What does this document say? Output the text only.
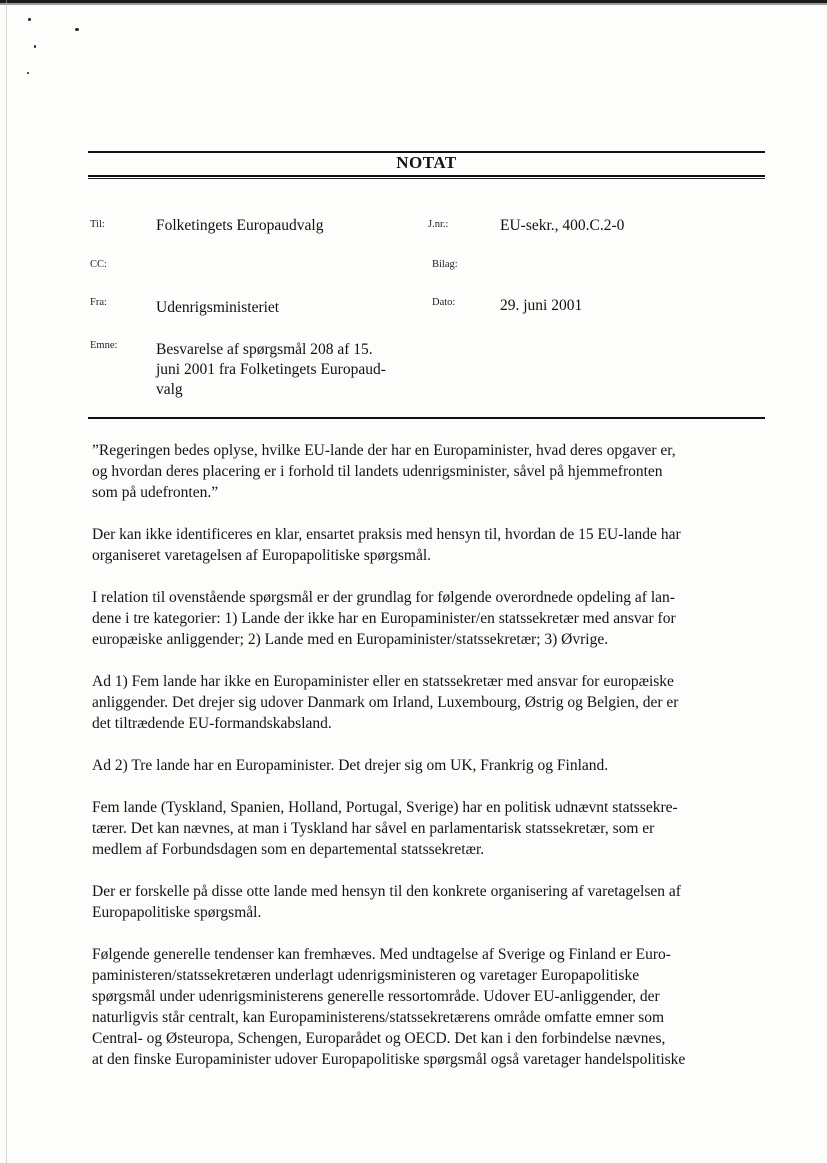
NOTAT
Til:	Folketingets Europaudvalg	J.nr.:	EU-sekr., 400.C.2-0
CC:	Bilag:
Fra:	Udenrigsministeriet	Dato:	29. juni 2001
Emne: Besvarelse af spørgsmål 208 af 15.
juni 2001 fra Folketingets Europaud-
valg

”Regeringen bedes oplyse, hvilke EU-lande der har en Europaminister, hvad deres opgaver er,
og hvordan deres placering er i forhold til landets udenrigsminister, såvel på hjemmefronten
som på udefronten.”

Der kan ikke identificeres en klar, ensartet praksis med hensyn til, hvordan de 15 EU-lande har
organiseret varetagelsen af Europapolitiske spørgsmål.

I relation til ovenstående spørgsmål er der grundlag for følgende overordnede opdeling af lan-
dene i tre kategorier: 1) Lande der ikke har en Europaminister/en statssekretær med ansvar for
europæiske anliggender; 2) Lande med en Europaminister/statssekretær; 3) Øvrige.

Ad 1) Fem lande har ikke en Europaminister eller en statssekretær med ansvar for europæiske
anliggender. Det drejer sig udover Danmark om Irland, Luxembourg, Østrig og Belgien, der er
det tiltrædende EU-formandskabsland.

Ad 2) Tre lande har en Europaminister. Det drejer sig om UK, Frankrig og Finland.

Fem lande (Tyskland, Spanien, Holland, Portugal, Sverige) har en politisk udnævnt statssekre-
tærer. Det kan nævnes, at man i Tyskland har såvel en parlamentarisk statssekretær, som er
medlem af Forbundsdagen som en departemental statssekretær.

Der er forskelle på disse otte lande med hensyn til den konkrete organisering af varetagelsen af
Europapolitiske spørgsmål.

Følgende generelle tendenser kan fremhæves. Med undtagelse af Sverige og Finland er Euro-
paministeren/statssekretæren underlagt udenrigsministeren og varetager Europapolitiske
spørgsmål under udenrigsministerens generelle ressortområde. Udover EU-anliggender, der
naturligvis står centralt, kan Europaministerens/statssekretærens område omfatte emner som
Central- og Østeuropa, Schengen, Europarådet og OECD. Det kan i den forbindelse nævnes,
at den finske Europaminister udover Europapolitiske spørgsmål også varetager handelspolitiske
